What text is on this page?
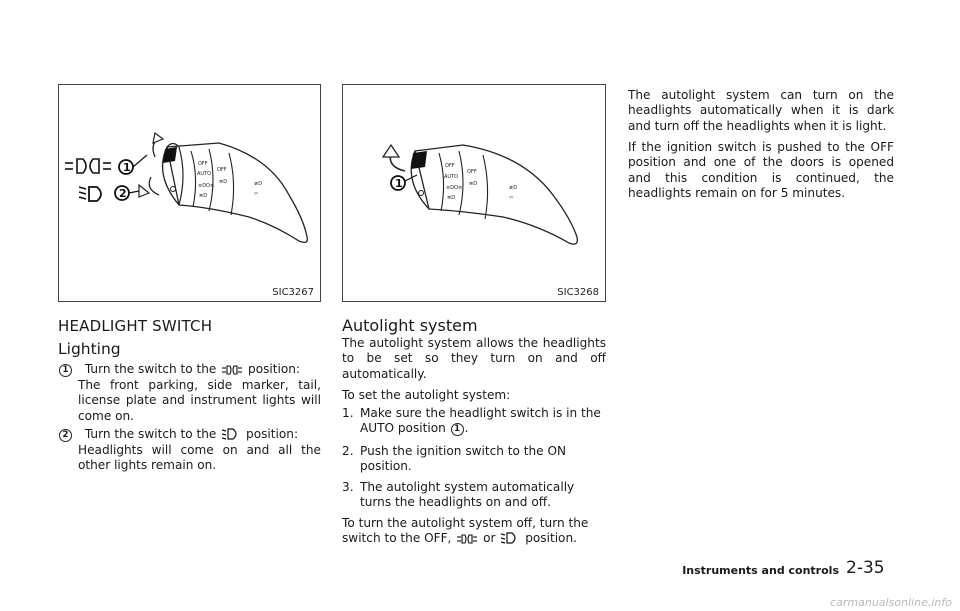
OFF
AUTO
≡DO≡
≣D
OFF
≣D	≢D
⇦
1
2
SIC3267
OFF
AUTO
≡DO≡
≣D
OFF
≣D
≢D
⇦
1
SIC3268
HEADLIGHT SWITCH
Lighting
1 Turn the switch to the	position:
The front parking, side marker, tail, license plate and instrument lights will come on.
2 Turn the switch to the position:
Headlights will come on and all the other lights remain on.
Autolight system
The autolight system allows the headlights to be set so they turn on and off automatically.
To set the autolight system:
1. Make sure the headlight switch is in the AUTO position 1 .
2. Push the ignition switch to the ON position.
3. The autolight system automatically turns the headlights on and off.
To turn the autolight system off, turn the switch to the OFF,	or position.
The autolight system can turn on the headlights automatically when it is dark and turn off the headlights when it is light.
If the ignition switch is pushed to the OFF position and one of the doors is opened and this condition is continued, the headlights remain on for 5 minutes.
Instruments and controls 2-35
carmanualsonline.info
